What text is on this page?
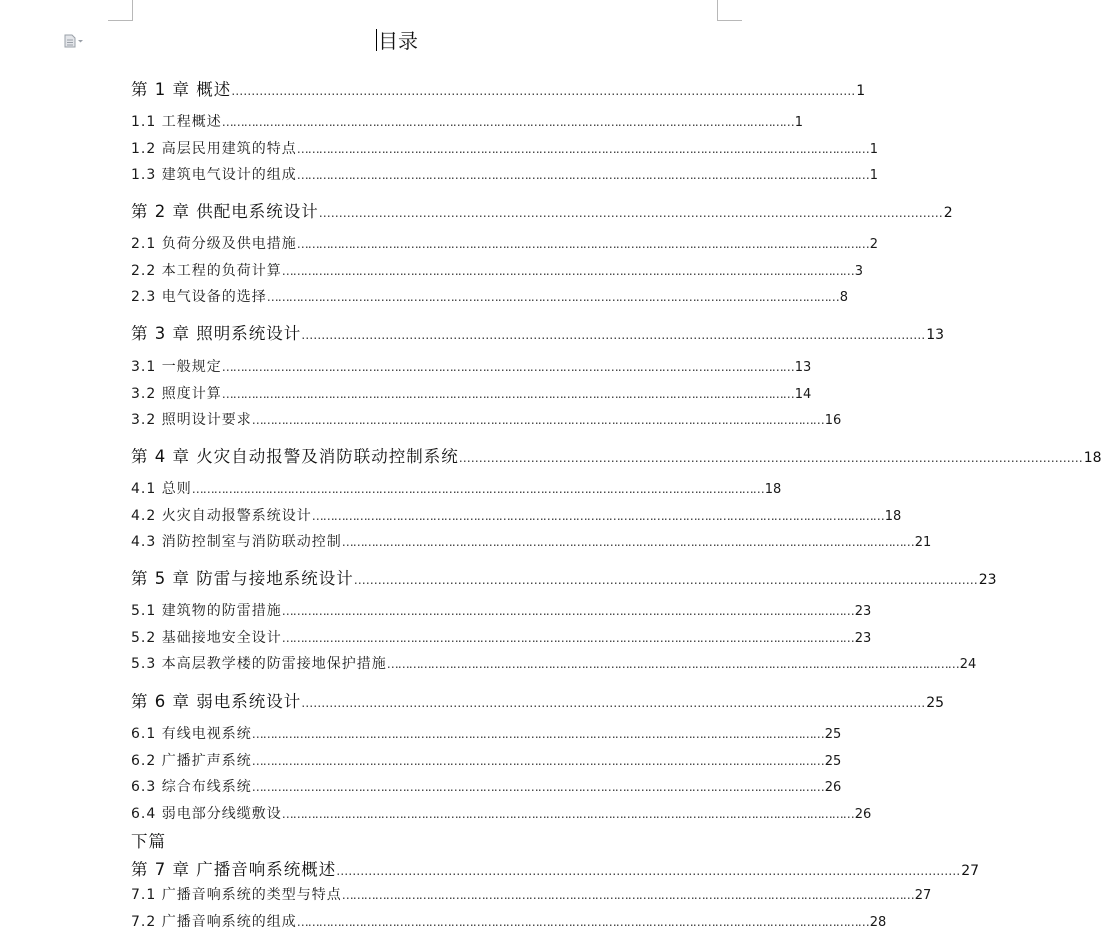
目录
第 1 章 概述 ………………………………………………………………………………………………………………………………………… 1
1.1 工程概述 ………………………………………………………………………………………………………………………………………… 1
1.2 高层民用建筑的特点 ………………………………………………………………………………………………………………………………………… 1
1.3 建筑电气设计的组成 ………………………………………………………………………………………………………………………………………… 1
第 2 章 供配电系统设计 ………………………………………………………………………………………………………………………………………… 2
2.1 负荷分级及供电措施 ………………………………………………………………………………………………………………………………………… 2
2.2 本工程的负荷计算 ………………………………………………………………………………………………………………………………………… 3
2.3 电气设备的选择 ………………………………………………………………………………………………………………………………………… 8
第 3 章 照明系统设计 ………………………………………………………………………………………………………………………………………… 13
3.1 一般规定 ………………………………………………………………………………………………………………………………………… 13
3.2 照度计算 ………………………………………………………………………………………………………………………………………… 14
3.2 照明设计要求 ………………………………………………………………………………………………………………………………………… 16
第 4 章 火灾自动报警及消防联动控制系统 ………………………………………………………………………………………………………………………………………… 18
4.1 总则 ………………………………………………………………………………………………………………………………………… 18
4.2 火灾自动报警系统设计 ………………………………………………………………………………………………………………………………………… 18
4.3 消防控制室与消防联动控制 ………………………………………………………………………………………………………………………………………… 21
第 5 章 防雷与接地系统设计 ………………………………………………………………………………………………………………………………………… 23
5.1 建筑物的防雷措施 ………………………………………………………………………………………………………………………………………… 23
5.2 基础接地安全设计 ………………………………………………………………………………………………………………………………………… 23
5.3 本高层教学楼的防雷接地保护措施 ………………………………………………………………………………………………………………………………………… 24
第 6 章 弱电系统设计 ………………………………………………………………………………………………………………………………………… 25
6.1 有线电视系统 ………………………………………………………………………………………………………………………………………… 25
6.2 广播扩声系统 ………………………………………………………………………………………………………………………………………… 25
6.3 综合布线系统 ………………………………………………………………………………………………………………………………………… 26
6.4 弱电部分线缆敷设 ………………………………………………………………………………………………………………………………………… 26
下篇
第 7 章 广播音响系统概述 ………………………………………………………………………………………………………………………………………… 27
7.1 广播音响系统的类型与特点 ………………………………………………………………………………………………………………………………………… 27
7.2 广播音响系统的组成 ………………………………………………………………………………………………………………………………………… 28
